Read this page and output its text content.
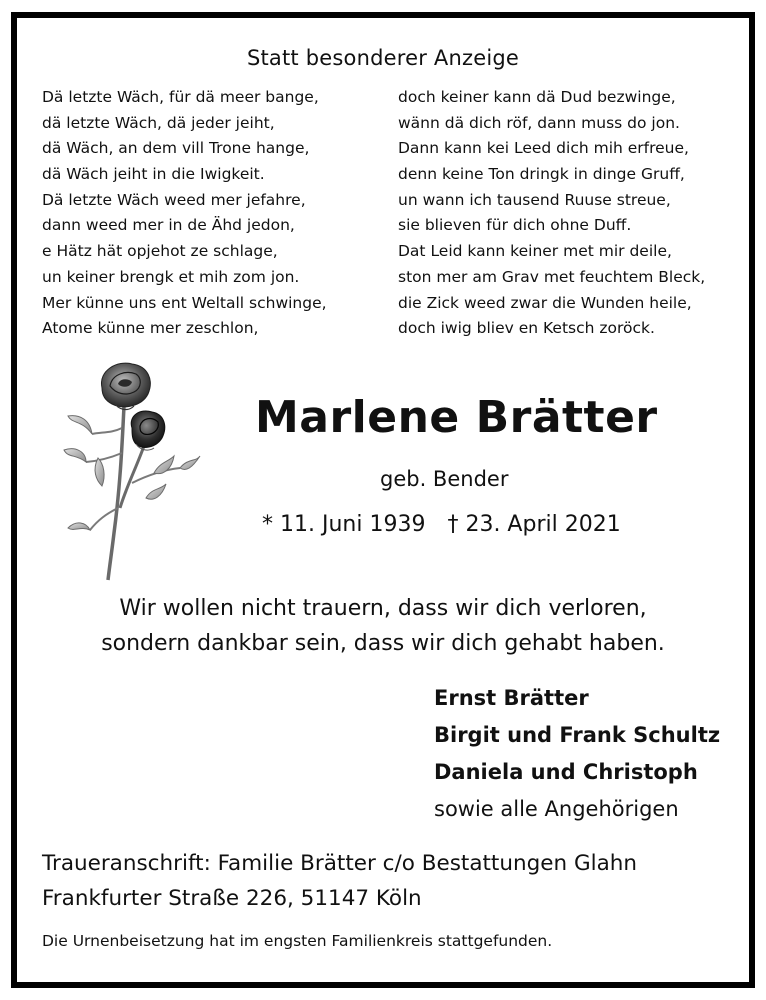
Statt besonderer Anzeige
Dä letzte Wäch, für dä meer bange,
dä letzte Wäch, dä jeder jeiht,
dä Wäch, an dem vill Trone hange,
dä Wäch jeiht in die Iwigkeit.
Dä letzte Wäch weed mer jefahre,
dann weed mer in de Ähd jedon,
e Hätz hät opjehot ze schlage,
un keiner brengk et mih zom jon.
Mer künne uns ent Weltall schwinge,
Atome künne mer zeschlon,
doch keiner kann dä Dud bezwinge,
wänn dä dich röf, dann muss do jon.
Dann kann kei Leed dich mih erfreue,
denn keine Ton dringk in dinge Gruff,
un wann ich tausend Ruuse streue,
sie blieven für dich ohne Duff.
Dat Leid kann keiner met mir deile,
ston mer am Grav met feuchtem Bleck,
die Zick weed zwar die Wunden heile,
doch iwig bliev en Ketsch zoröck.
Marlene Brätter
geb. Bender
* 11. Juni 1939 † 23. April 2021
Wir wollen nicht trauern, dass wir dich verloren,
sondern dankbar sein, dass wir dich gehabt haben.
Ernst Brätter
Birgit und Frank Schultz
Daniela und Christoph
sowie alle Angehörigen
Traueranschrift: Familie Brätter c/o Bestattungen Glahn
Frankfurter Straße 226, 51147 Köln
Die Urnenbeisetzung hat im engsten Familienkreis stattgefunden.
